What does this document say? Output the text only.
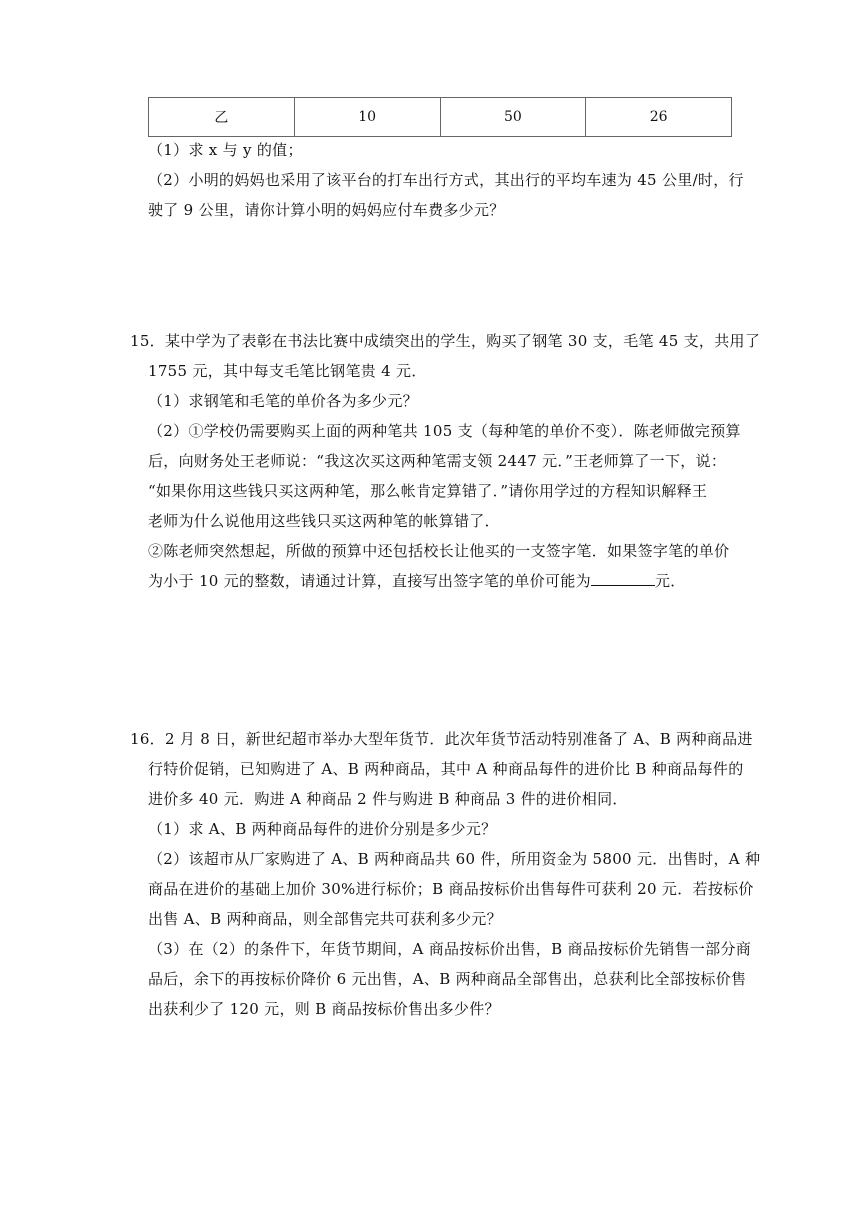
乙	10	50	26
（1）求 x 与 y 的值；
（2）小明的妈妈也采用了该平台的打车出行方式，其出行的平均车速为 45 公里/时，行
驶了 9 公里，请你计算小明的妈妈应付车费多少元？
15．某中学为了表彰在书法比赛中成绩突出的学生，购买了钢笔 30 支，毛笔 45 支，共用了
1755 元，其中每支毛笔比钢笔贵 4 元．
（1）求钢笔和毛笔的单价各为多少元？
（2）①学校仍需要购买上面的两种笔共 105 支（每种笔的单价不变）．陈老师做完预算
后，向财务处王老师说：“我这次买这两种笔需支领 2447 元．”王老师算了一下，说：
“如果你用这些钱只买这两种笔，那么帐肯定算错了．”请你用学过的方程知识解释王
老师为什么说他用这些钱只买这两种笔的帐算错了．
②陈老师突然想起，所做的预算中还包括校长让他买的一支签字笔．如果签字笔的单价
为小于 10 元的整数，请通过计算，直接写出签字笔的单价可能为	元．
16．2 月 8 日，新世纪超市举办大型年货节．此次年货节活动特别准备了 A、B 两种商品进
行特价促销，已知购进了 A、B 两种商品，其中 A 种商品每件的进价比 B 种商品每件的
进价多 40 元．购进 A 种商品 2 件与购进 B 种商品 3 件的进价相同．
（1）求 A、B 两种商品每件的进价分别是多少元？
（2）该超市从厂家购进了 A、B 两种商品共 60 件，所用资金为 5800 元．出售时，A 种
商品在进价的基础上加价 30%进行标价；B 商品按标价出售每件可获利 20 元．若按标价
出售 A、B 两种商品，则全部售完共可获利多少元？
（3）在（2）的条件下，年货节期间，A 商品按标价出售，B 商品按标价先销售一部分商
品后，余下的再按标价降价 6 元出售，A、B 两种商品全部售出，总获利比全部按标价售
出获利少了 120 元，则 B 商品按标价售出多少件？
